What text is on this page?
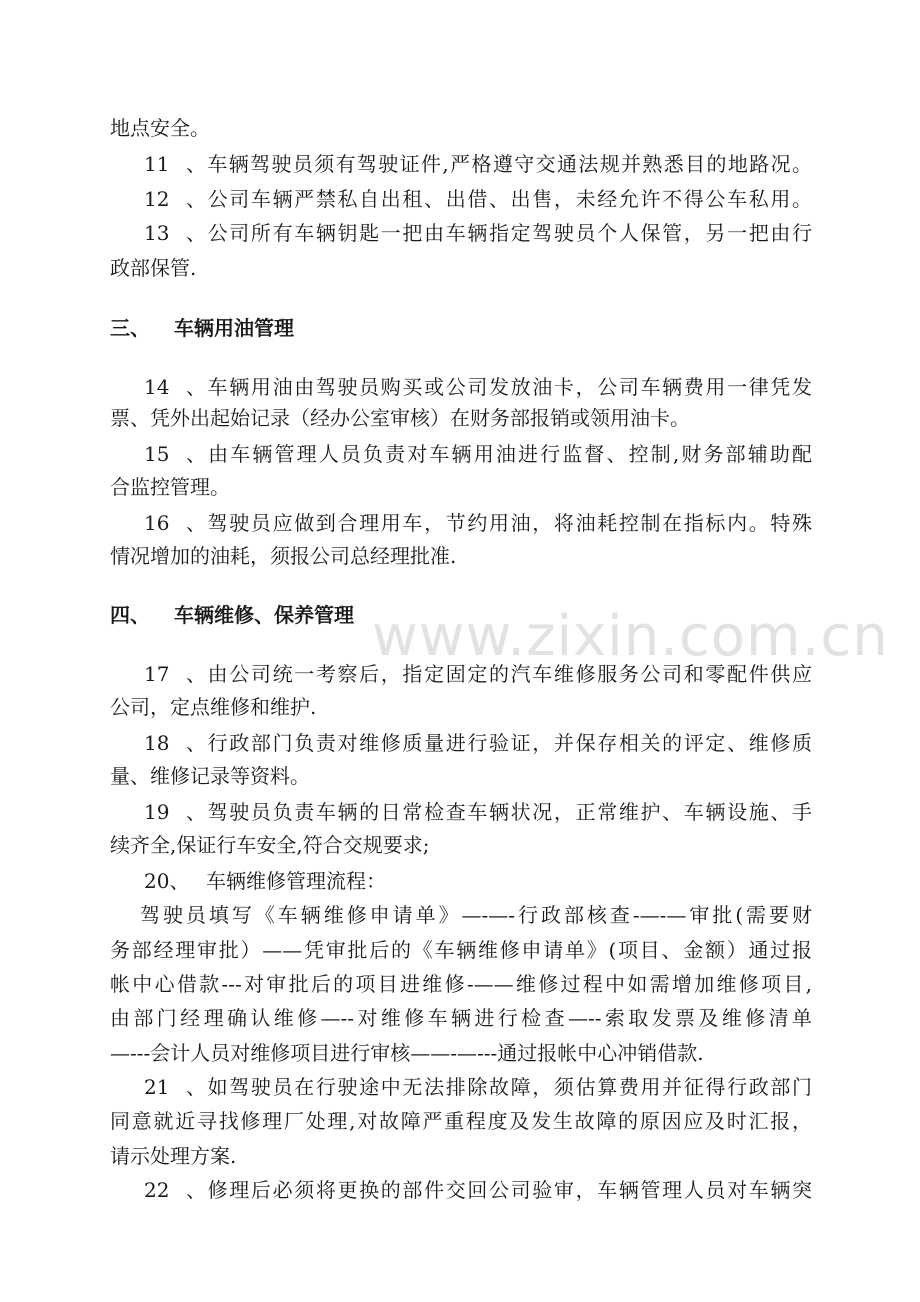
地点安全。
11、车辆驾驶员须有驾驶证件,严格遵守交通法规并熟悉目的地路况。
12、公司车辆严禁私自出租、出借、出售，未经允许不得公车私用。
13、公司所有车辆钥匙一把由车辆指定驾驶员个人保管，另一把由行
政部保管.
三、 车辆用油管理
14、车辆用油由驾驶员购买或公司发放油卡，公司车辆费用一律凭发
票、凭外出起始记录（经办公室审核）在财务部报销或领用油卡。
15、由车辆管理人员负责对车辆用油进行监督、控制,财务部辅助配
合监控管理。
16、驾驶员应做到合理用车，节约用油，将油耗控制在指标内。特殊
情况增加的油耗，须报公司总经理批准.
四、 车辆维修、保养管理 www.zixin.com.cn
17、由公司统一考察后，指定固定的汽车维修服务公司和零配件供应
公司，定点维修和维护.
18、行政部门负责对维修质量进行验证，并保存相关的评定、维修质
量、维修记录等资料。
19、驾驶员负责车辆的日常检查车辆状况，正常维护、车辆设施、手
续齐全,保证行车安全,符合交规要求;
20、 车辆维修管理流程：
驾驶员填写《车辆维修申请单》—-—-行政部核查-—-—审批(需要财
务部经理审批）——凭审批后的《车辆维修申请单》(项目、金额）通过报
帐中心借款---对审批后的项目进维修-——维修过程中如需增加维修项目,
由部门经理确认维修—--对维修车辆进行检查—--索取发票及维修清单
—---会计人员对维修项目进行审核——-—---通过报帐中心冲销借款.
21、如驾驶员在行驶途中无法排除故障，须估算费用并征得行政部门
同意就近寻找修理厂处理,对故障严重程度及发生故障的原因应及时汇报，
请示处理方案.
22、修理后必须将更换的部件交回公司验审，车辆管理人员对车辆突
